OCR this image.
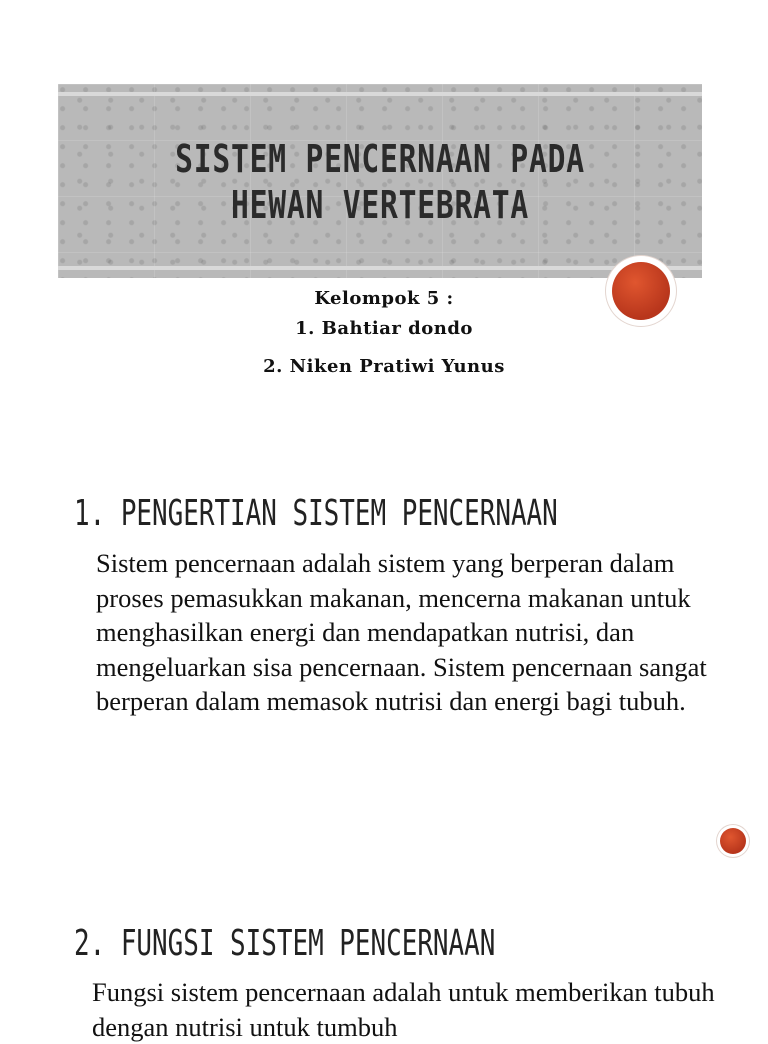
SISTEM PENCERNAAN PADA
HEWAN VERTEBRATA
Kelompok 5 :
1. Bahtiar dondo
2. Niken Pratiwi Yunus
1. PENGERTIAN SISTEM PENCERNAAN
Sistem pencernaan adalah sistem yang berperan dalam proses pemasukkan makanan, mencerna makanan untuk menghasilkan energi dan mendapatkan nutrisi, dan mengeluarkan sisa pencernaan. Sistem pencernaan sangat berperan dalam memasok nutrisi dan energi bagi tubuh.
2. FUNGSI SISTEM PENCERNAAN
Fungsi sistem pencernaan adalah untuk memberikan tubuh dengan nutrisi untuk tumbuh
